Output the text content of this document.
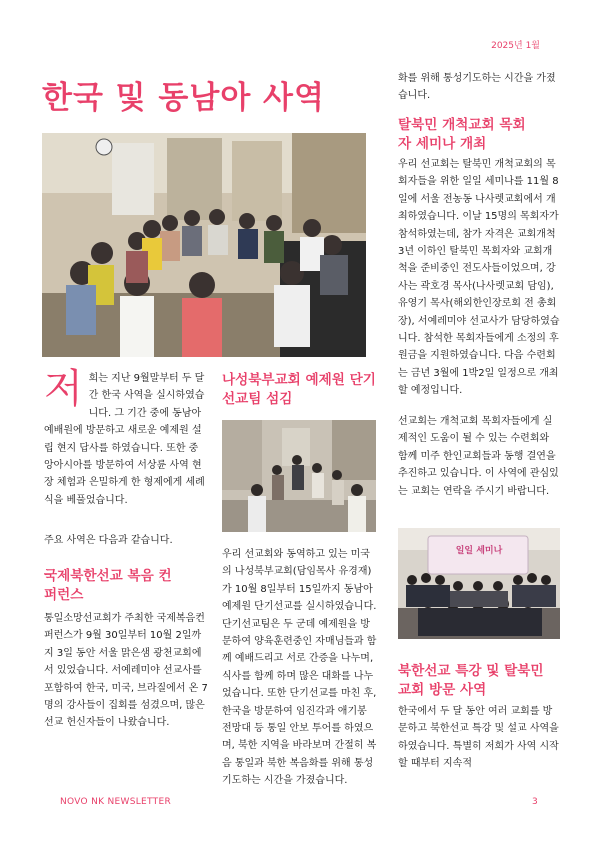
2025년 1월
한국 및 동남아 사역
저희는 지난 9월말부터 두 달 간 한국 사역을 실시하였습니다. 그 기간 중에 동남아 예배원에 방문하고 새로운 예제원 설립 현지 답사를 하였습니다. 또한 중앙아시아를 방문하여 서상륜 사역 현장 체험과 은밀하게 한 형제에게 세례식을 베풀었습니다.

주요 사역은 다음과 같습니다.

국제북한선교 복음 컨퍼런스

통일소망선교회가 주최한 국제복음컨퍼런스가 9월 30일부터 10월 2일까지 3일 동안 서울 맑은샘 광천교회에서 있었습니다. 서예레미야 선교사를 포함하여 한국, 미국, 브라질에서 온 7명의 강사들이 집회를 섬겼으며, 많은 선교 헌신자들이 나왔습니다.

나성북부교회 예제원 단기선교팀 섬김

우리 선교회와 동역하고 있는 미국의 나성북부교회(담임목사 유경재)가 10월 8일부터 15일까지 동남아 예제원 단기선교를 실시하였습니다. 단기선교팀은 두 군데 예제원을 방문하여 양육훈련중인 자매님들과 함께 예배드리고 서로 간증을 나누며, 식사를 함께 하며 많은 대화를 나누었습니다. 또한 단기선교를 마친 후, 한국을 방문하여 임진각과 애기봉 전망대 등 통일 안보 투어를 하였으며, 북한 지역을 바라보며 간절히 복음 통일과 북한 복음화를 위해 통성기도하는 시간을 가졌습니다.

화를 위해 통성기도하는 시간을 가졌습니다.

탈북민 개척교회 목회자 세미나 개최

우리 선교회는 탈북민 개척교회의 목회자들을 위한 일일 세미나를 11월 8일에 서울 전농동 나사렛교회에서 개최하였습니다. 이날 15명의 목회자가 참석하였는데, 참가 자격은 교회개척 3년 이하인 탈북민 목회자와 교회개척을 준비중인 전도사들이었으며, 강사는 곽호경 목사(나사렛교회 담임), 유영기 목사(해외한인장로회 전 총회장), 서예레미야 선교사가 담당하였습니다. 참석한 목회자들에게 소정의 후원금을 지원하였습니다. 다음 수련회는 금년 3월에 1박2일 일정으로 개최할 예정입니다.

선교회는 개척교회 목회자들에게 실제적인 도움이 될 수 있는 수련회와 함께 미주 한인교회들과 동행 결연을 추진하고 있습니다. 이 사역에 관심있는 교회는 연락을 주시기 바랍니다.

일일 세미나
북한선교 특강 및 탈북민 교회 방문 사역

한국에서 두 달 동안 여러 교회를 방문하고 북한선교 특강 및 설교 사역을 하였습니다. 특별히 저희가 사역 시작할 때부터 지속적

NOVO NK NEWSLETTER	3
